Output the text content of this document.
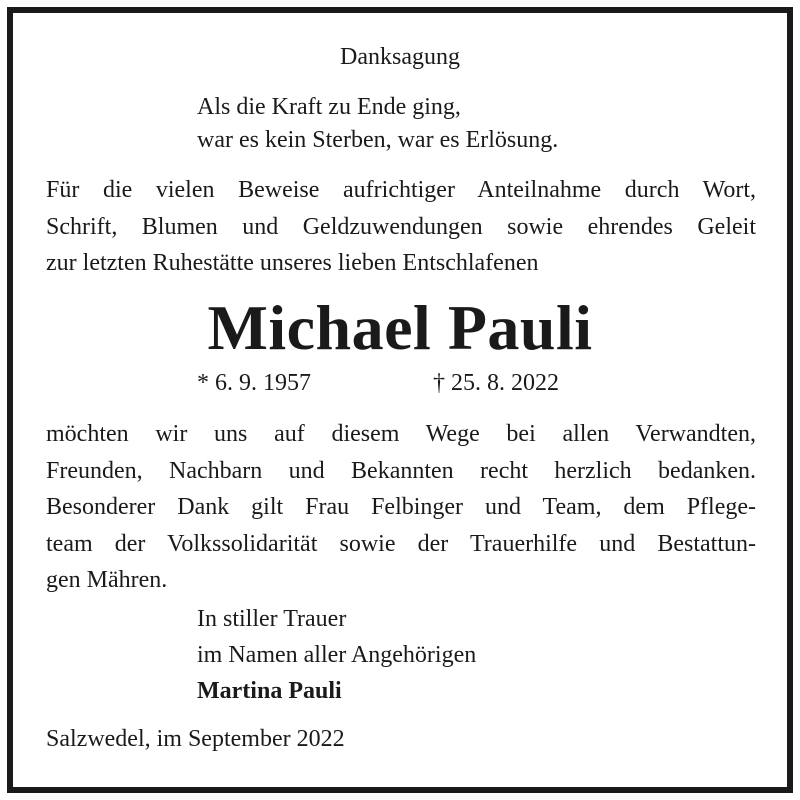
Danksagung

Als die Kraft zu Ende ging,
war es kein Sterben, war es Erlösung.
Für die vielen Beweise aufrichtiger Anteilnahme durch Wort,
Schrift, Blumen und Geldzuwendungen sowie ehrendes Geleit
zur letzten Ruhestätte unseres lieben Entschlafenen
Michael Pauli
* 6. 9. 1957	† 25. 8. 2022
möchten wir uns auf diesem Wege bei allen Verwandten,
Freunden, Nachbarn und Bekannten recht herzlich bedanken.
Besonderer Dank gilt Frau Felbinger und Team, dem Pflege-
team der Volkssolidarität sowie der Trauerhilfe und Bestattun-
gen Mähren.
In stiller Trauer
im Namen aller Angehörigen
Martina Pauli

Salzwedel, im September 2022
